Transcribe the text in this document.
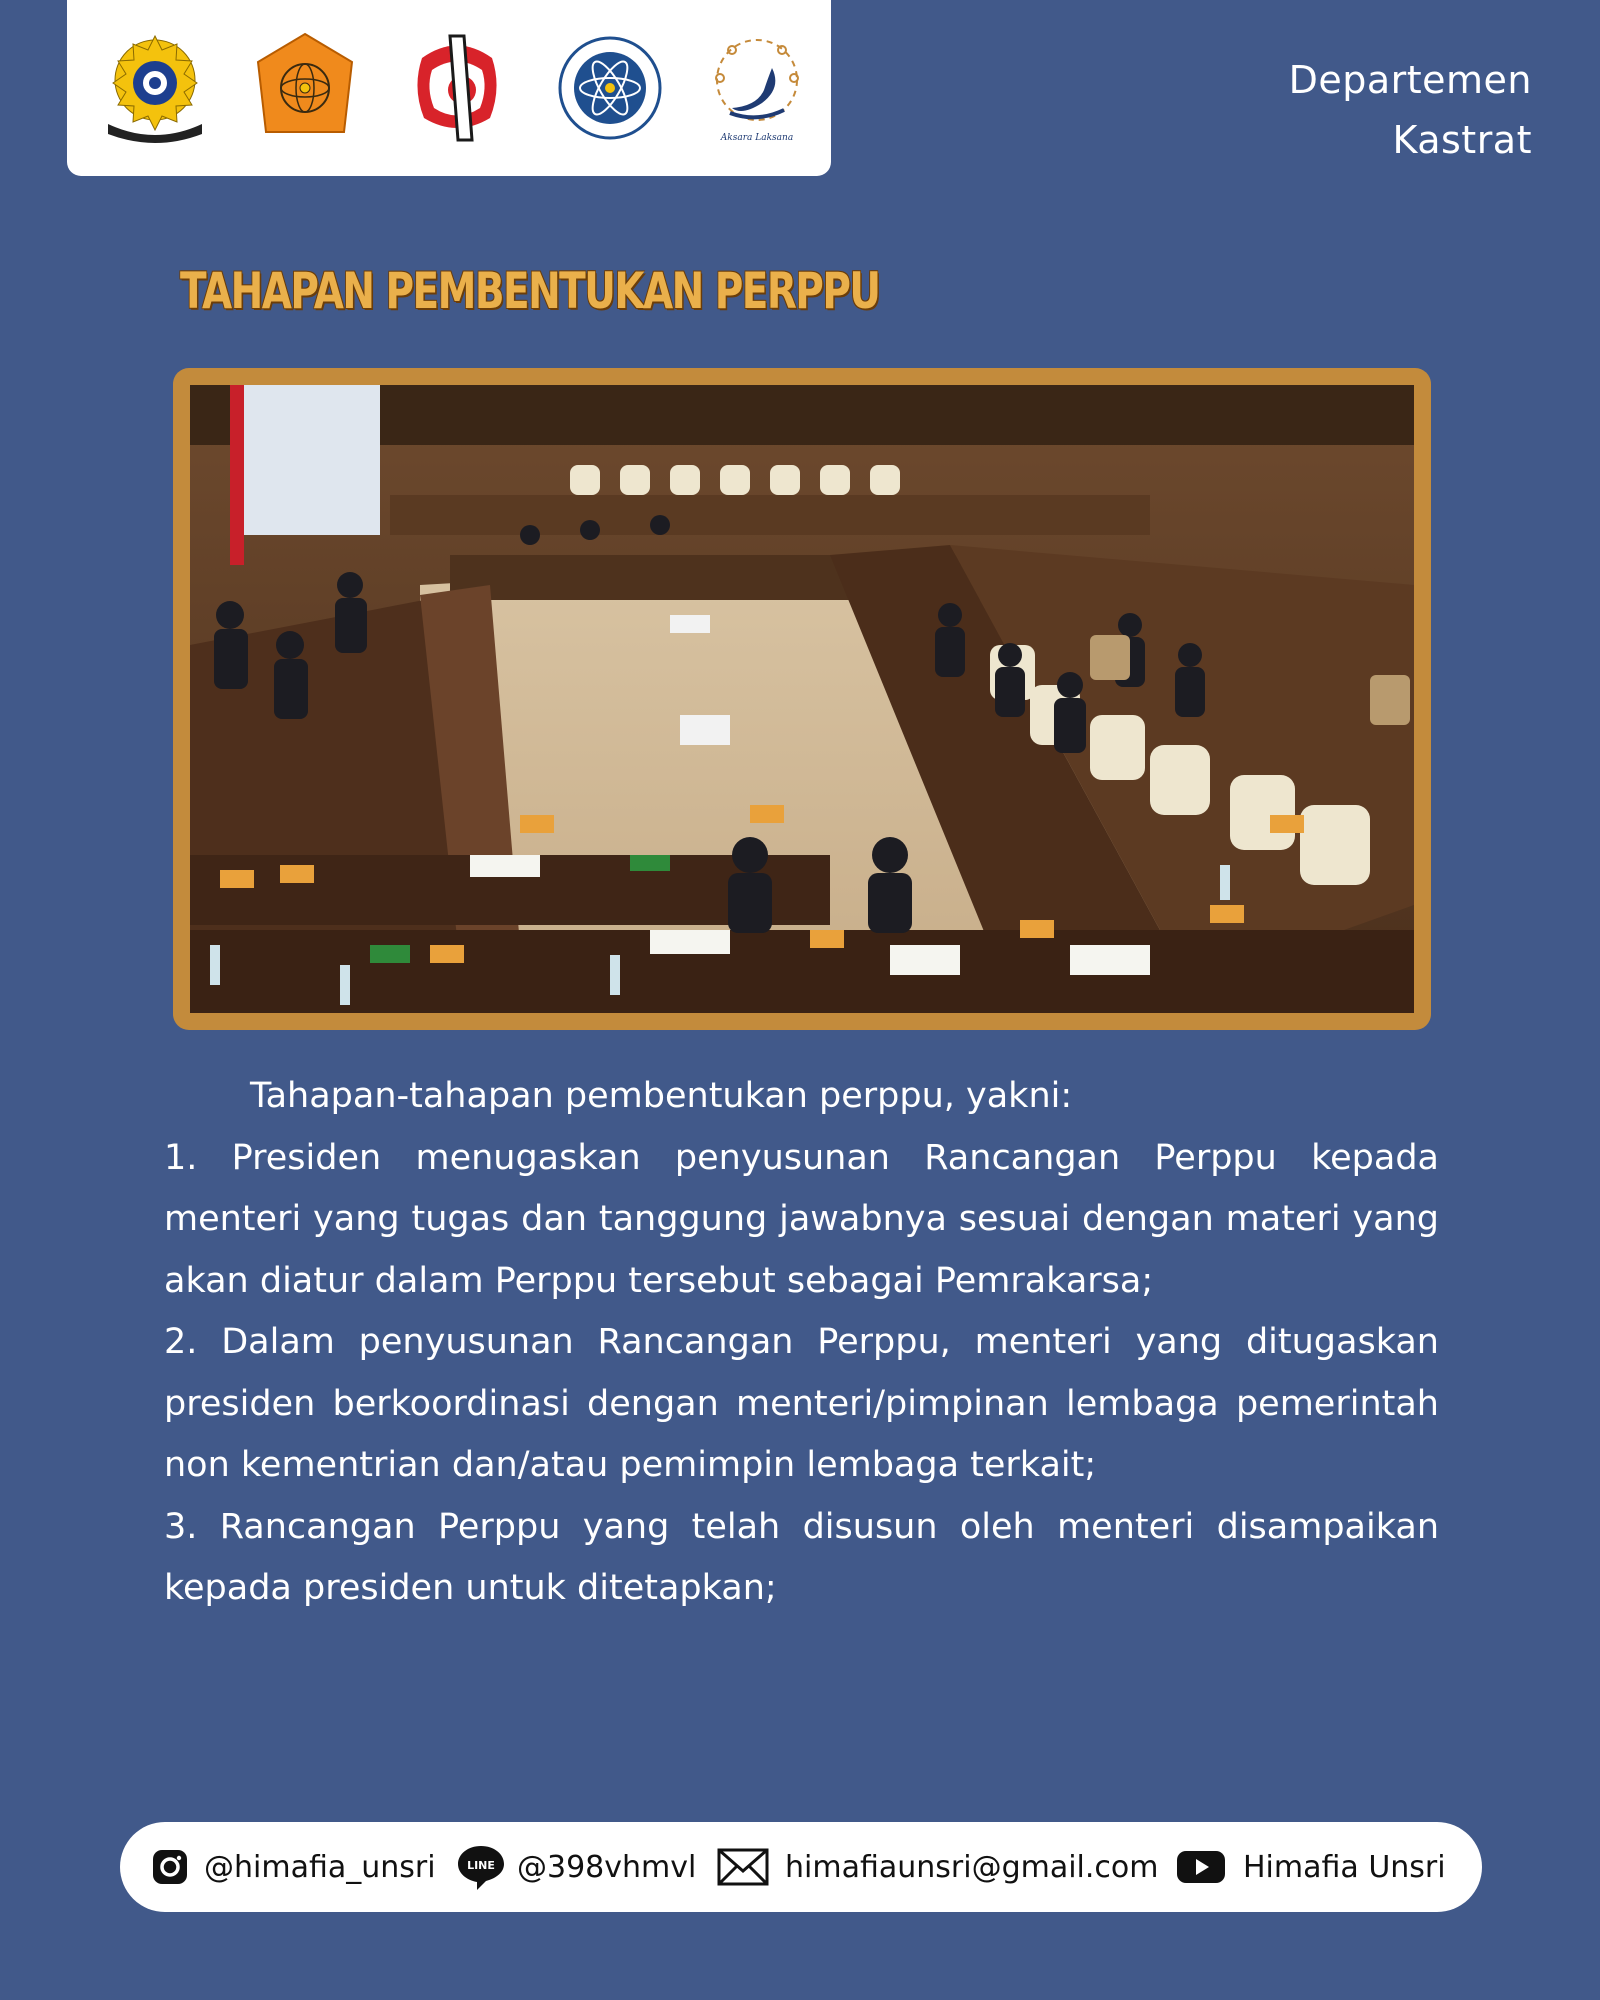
Aksara Laksana
Departemen
Kastrat
TAHAPAN PEMBENTUKAN PERPPU

Tahapan-tahapan pembentukan perppu, yakni:

1. Presiden menugaskan penyusunan Rancangan Perppu kepada menteri yang tugas dan tanggung jawabnya sesuai dengan materi yang akan diatur dalam Perppu tersebut sebagai Pemrakarsa;

2. Dalam penyusunan Rancangan Perppu, menteri yang ditugaskan presiden berkoordinasi dengan menteri/pimpinan lembaga pemerintah non kementrian dan/atau pemimpin lembaga terkait;

3. Rancangan Perppu yang telah disusun oleh menteri disampaikan kepada presiden untuk ditetapkan;

@himafia_unsri	LINE @398vhmvl	himafiaunsri@gmail.com	Himafia Unsri
